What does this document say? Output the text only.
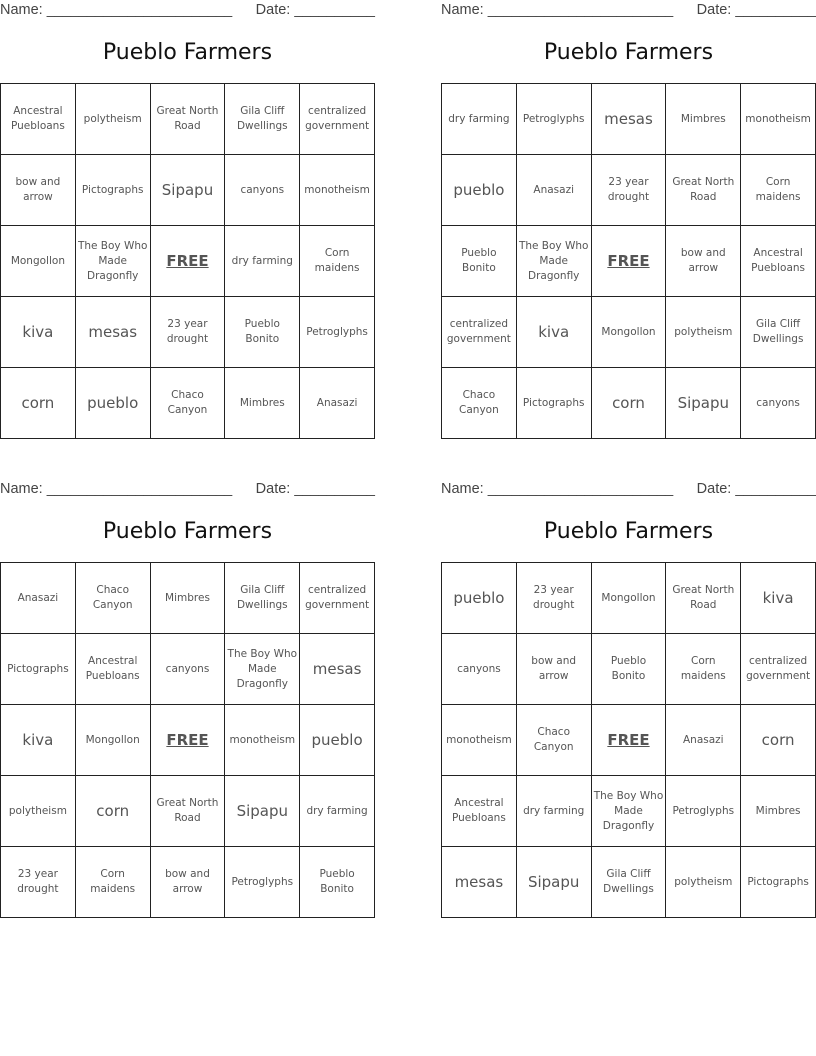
Name: _______________________ Date: __________
Pueblo Farmers
Ancestral Puebloans	polytheism	Great North Road	Gila Cliff Dwellings	centralized government
bow and arrow	Pictographs	Sipapu	canyons	monotheism
Mongollon	The Boy Who Made Dragonfly	FREE	dry farming	Corn maidens
kiva	mesas	23 year drought	Pueblo Bonito	Petroglyphs
corn	pueblo	Chaco Canyon	Mimbres	Anasazi
Name: _______________________ Date: __________
Pueblo Farmers
dry farming	Petroglyphs	mesas	Mimbres	monotheism
pueblo	Anasazi	23 year drought	Great North Road	Corn maidens
Pueblo Bonito	The Boy Who Made Dragonfly	FREE	bow and arrow	Ancestral Puebloans
centralized government	kiva	Mongollon	polytheism	Gila Cliff Dwellings
Chaco Canyon	Pictographs	corn	Sipapu	canyons
Name: _______________________ Date: __________
Pueblo Farmers
Anasazi	Chaco Canyon	Mimbres	Gila Cliff Dwellings	centralized government
Pictographs	Ancestral Puebloans	canyons	The Boy Who Made Dragonfly	mesas
kiva	Mongollon	FREE	monotheism	pueblo
polytheism	corn	Great North Road	Sipapu	dry farming
23 year drought	Corn maidens	bow and arrow	Petroglyphs	Pueblo Bonito
Name: _______________________ Date: __________
Pueblo Farmers
pueblo	23 year drought	Mongollon	Great North Road	kiva
canyons	bow and arrow	Pueblo Bonito	Corn maidens	centralized government
monotheism	Chaco Canyon	FREE	Anasazi	corn
Ancestral Puebloans	dry farming	The Boy Who Made Dragonfly	Petroglyphs	Mimbres
mesas	Sipapu	Gila Cliff Dwellings	polytheism	Pictographs
